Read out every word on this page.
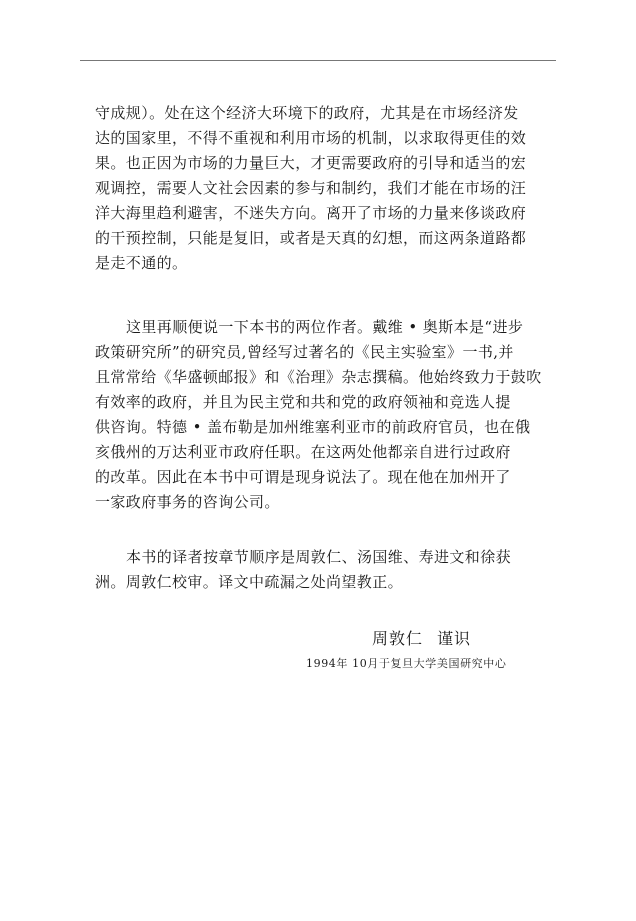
守成规）。处在这个经济大环境下的政府，尤其是在市场经济发
达的国家里，不得不重视和利用市场的机制，以求取得更佳的效
果。也正因为市场的力量巨大，才更需要政府的引导和适当的宏
观调控，需要人文社会因素的参与和制约，我们才能在市场的汪
洋大海里趋利避害，不迷失方向。离开了市场的力量来侈谈政府
的干预控制，只能是复旧，或者是天真的幻想，而这两条道路都
是走不通的。
这里再顺便说一下本书的两位作者。戴维 • 奥斯本是“进步
政策研究所”的研究员,曾经写过著名的《民主实验室》一书,并
且常常给《华盛顿邮报》和《治理》杂志撰稿。他始终致力于鼓吹
有效率的政府，并且为民主党和共和党的政府领袖和竞选人提
供咨询。特德 • 盖布勒是加州维塞利亚市的前政府官员，也在俄
亥俄州的万达利亚市政府任职。在这两处他都亲自进行过政府
的改革。因此在本书中可谓是现身说法了。现在他在加州开了
一家政府事务的咨询公司。
本书的译者按章节顺序是周敦仁、汤国维、寿进文和徐获
洲。周敦仁校审。译文中疏漏之处尚望教正。
周敦仁 谨识
1994年 10月于复旦大学美国研究中心
